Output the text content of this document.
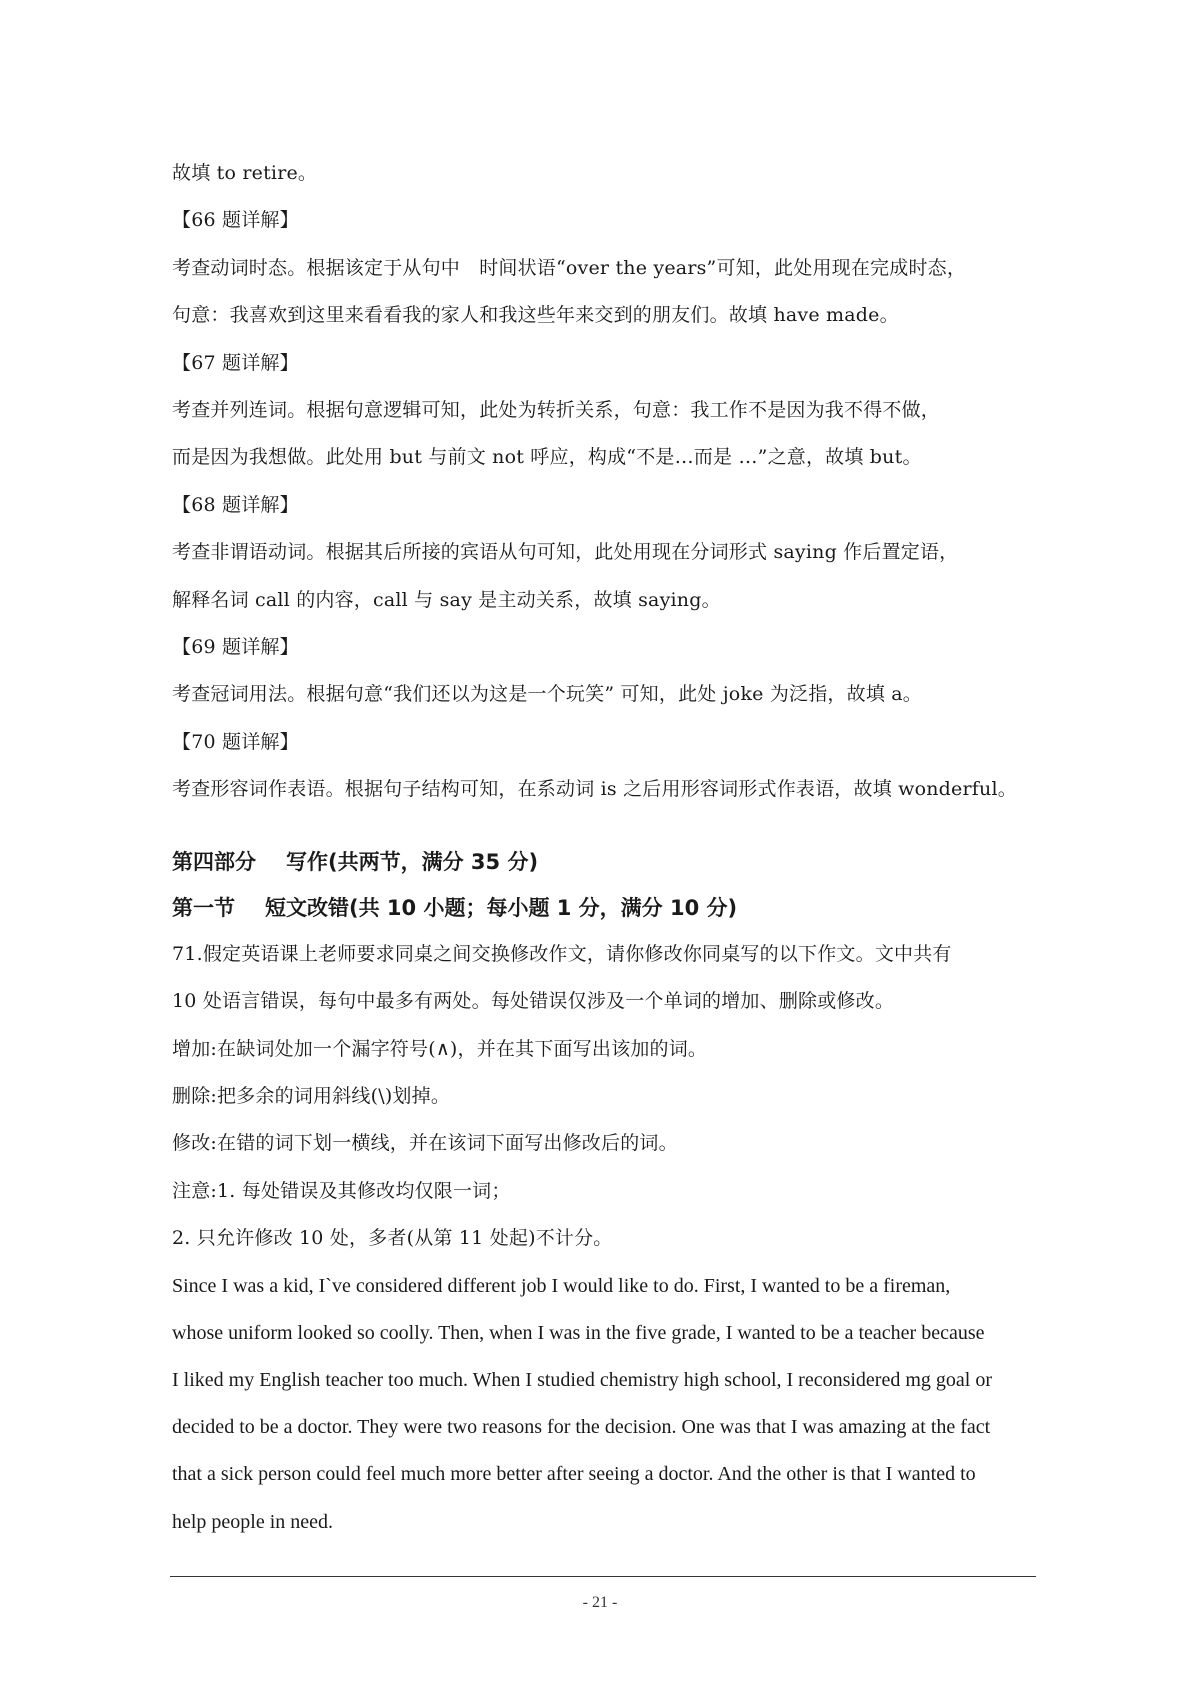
故填 to retire。
【66 题详解】
考查动词时态。根据该定于从句中　时间状语“over the years”可知，此处用现在完成时态，
句意：我喜欢到这里来看看我的家人和我这些年来交到的朋友们。故填 have made。
【67 题详解】
考查并列连词。根据句意逻辑可知，此处为转折关系，句意：我工作不是因为我不得不做，
而是因为我想做。此处用 but 与前文 not 呼应，构成“不是…而是 …”之意，故填 but。
【68 题详解】
考查非谓语动词。根据其后所接的宾语从句可知，此处用现在分词形式 saying 作后置定语，
解释名词 call 的内容，call 与 say 是主动关系，故填 saying。
【69 题详解】
考查冠词用法。根据句意“我们还以为这是一个玩笑” 可知，此处 joke 为泛指，故填 a。
【70 题详解】
考查形容词作表语。根据句子结构可知，在系动词 is 之后用形容词形式作表语，故填 wonderful。
第四部分 写作(共两节，满分 35 分)
第一节 短文改错(共 10 小题；每小题 1 分，满分 10 分)
71.假定英语课上老师要求同桌之间交换修改作文，请你修改你同桌写的以下作文。文中共有
10 处语言错误，每句中最多有两处。每处错误仅涉及一个单词的增加、删除或修改。
增加:在缺词处加一个漏字符号(∧)，并在其下面写出该加的词。
删除:把多余的词用斜线(\)划掉。
修改:在错的词下划一横线，并在该词下面写出修改后的词。
注意:1. 每处错误及其修改均仅限一词；
2. 只允许修改 10 处，多者(从第 11 处起)不计分。
Since I was a kid, I`ve considered different job I would like to do. First, I wanted to be a fireman,
whose uniform looked so coolly. Then, when I was in the five grade, I wanted to be a teacher because
I liked my English teacher too much. When I studied chemistry high school, I reconsidered mg goal or
decided to be a doctor. They were two reasons for the decision. One was that I was amazing at the fact
that a sick person could feel much more better after seeing a doctor. And the other is that I wanted to
help people in need.
- 21 -
